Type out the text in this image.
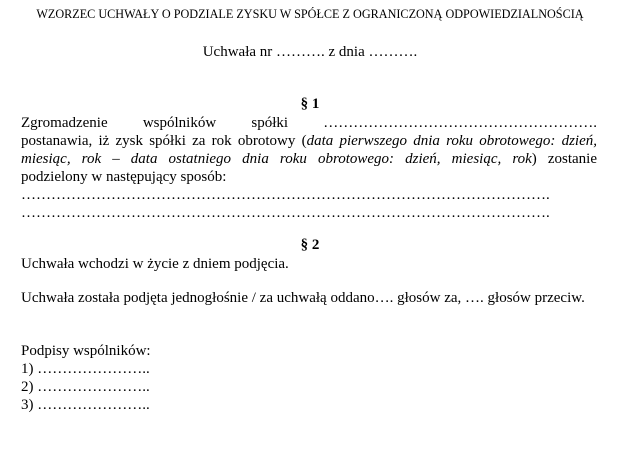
WZORZEC UCHWAŁY O PODZIALE ZYSKU W SPÓŁCE Z OGRANICZONĄ ODPOWIEDZIALNOŚCIĄ
Uchwała nr ………. z dnia ……….
§ 1
Zgromadzenie wspólników spółki ……………………………………………….
postanawia, iż zysk spółki za rok obrotowy (data pierwszego dnia roku obrotowego: dzień,
miesiąc, rok – data ostatniego dnia roku obrotowego: dzień, miesiąc, rok) zostanie
podzielony w następujący sposób:
…………………………………………………………………………………………….
…………………………………………………………………………………………….
§ 2
Uchwała wchodzi w życie z dniem podjęcia.
Uchwała została podjęta jednogłośnie / za uchwałą oddano…. głosów za, …. głosów przeciw.
Podpisy wspólników:
1) …………………..
2) …………………..
3) …………………..
